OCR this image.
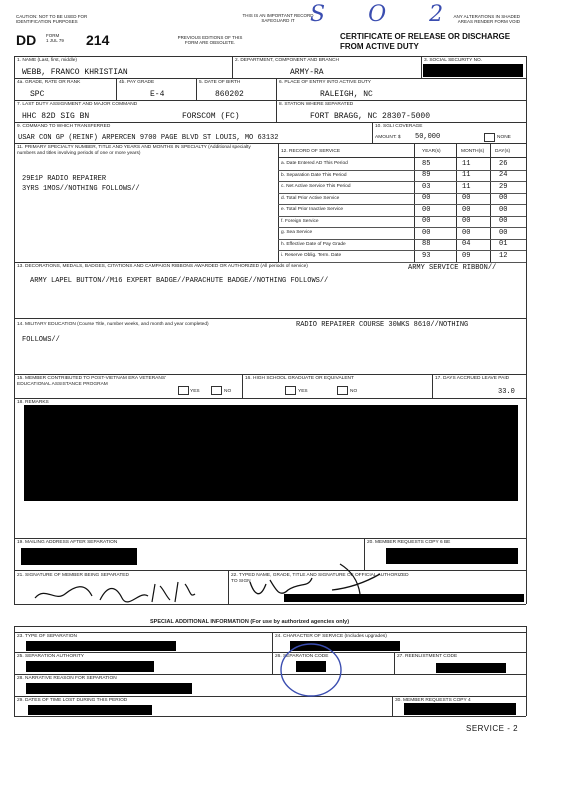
CAUTION: NOT TO BE USED FOR
IDENTIFICATION PURPOSES
THIS IS AN IMPORTANT RECORD
SAFEGUARD IT
ANY ALTERATIONS IN SHADED
AREAS RENDER FORM VOID
S O 2
DD FORM
1 JUL 79 214	PREVIOUS EDITIONS OF THIS
FORM ARE OBSOLETE.
CERTIFICATE OF RELEASE OR DISCHARGE
FROM ACTIVE DUTY
1. NAME (Last, first, middle)
WEBB, FRANCO KHRISTIAN
2. DEPARTMENT, COMPONENT AND BRANCH
ARMY-RA
3. SOCIAL SECURITY NO.
4a. GRADE, RATE OR RANK
SPC
4b. PAY GRADE
E-4
5. DATE OF BIRTH
860202
6. PLACE OF ENTRY INTO ACTIVE DUTY
RALEIGH, NC
7. LAST DUTY ASSIGNMENT AND MAJOR COMMAND
HHC 82D SIG BN	FORSCOM (FC)
8. STATION WHERE SEPARATED
FORT BRAGG, NC 28307-5000
9. COMMAND TO WHICH TRANSFERRED
USAR CON GP (REINF) ARPERCEN 9700 PAGE BLVD ST LOUIS, MO 63132
10. SGLI COVERAGE
AMOUNT: $ 50,000	NONE
11. PRIMARY SPECIALTY NUMBER, TITLE AND YEARS AND MONTHS IN SPECIALTY (Additional specialty numbers and titles involving periods of one or more years)
29E1P RADIO REPAIRER
3YRS 1MOS//NOTHING FOLLOWS//
12. RECORD OF SERVICE	YEAR(s)	MONTH(s) DAY(s)
a. Date Entered AD This Period	85	11	26
b. Separation Date This Period	89	11	24
c. Net Active Service This Period	03	11	29
d. Total Prior Active Service	00	00	00
e. Total Prior Inactive Service	00	00	00
f. Foreign Service	00	00	00
g. Sea Service	00	00	00
h. Effective Date of Pay Grade	88	04	01
i. Reserve Oblig. Term. Date	93	09	12
13. DECORATIONS, MEDALS, BADGES, CITATIONS AND CAMPAIGN RIBBONS AWARDED OR AUTHORIZED (All periods of service)	ARMY SERVICE RIBBON//
ARMY LAPEL BUTTON//M16 EXPERT BADGE//PARACHUTE BADGE//NOTHING FOLLOWS//
14. MILITARY EDUCATION (Course Title, number weeks, and month and year completed)	RADIO REPAIRER COURSE 30WKS 8610//NOTHING
FOLLOWS//
15. MEMBER CONTRIBUTED TO POST-VIETNAM ERA VETERANS' EDUCATIONAL ASSISTANCE PROGRAM
YES	NO
16. HIGH SCHOOL GRADUATE OR EQUIVALENT
YES	NO
17. DAYS ACCRUED LEAVE PAID
33.0
18. REMARKS
19. MAILING ADDRESS AFTER SEPARATION	20. MEMBER REQUESTS COPY 6 BE
21. SIGNATURE OF MEMBER BEING SEPARATED	22. TYPED NAME, GRADE, TITLE AND SIGNATURE OF OFFICIAL AUTHORIZED TO SIGN
SPECIAL ADDITIONAL INFORMATION (For use by authorized agencies only)
23. TYPE OF SEPARATION	24. CHARACTER OF SERVICE (Includes upgrades)
25. SEPARATION AUTHORITY	26. SEPARATION CODE	27. REENLISTMENT CODE
28. NARRATIVE REASON FOR SEPARATION
29. DATES OF TIME LOST DURING THIS PERIOD	30. MEMBER REQUESTS COPY 4
SERVICE - 2
